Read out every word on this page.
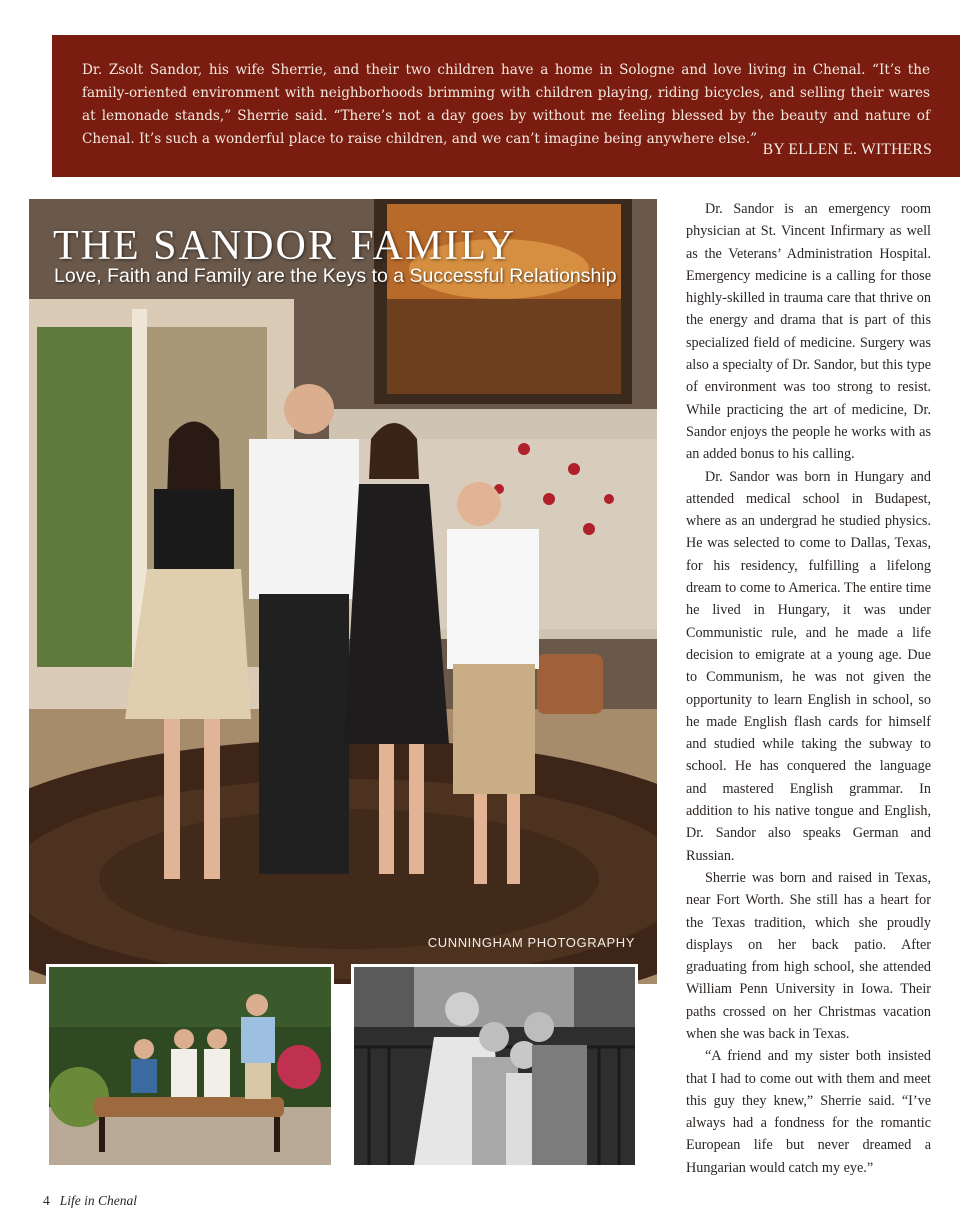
Dr. Zsolt Sandor, his wife Sherrie, and their two children have a home in Sologne and love living in Chenal. “It’s the family-oriented environment with neighborhoods brimming with children playing, riding bicycles, and selling their wares at lemonade stands,” Sherrie said. “There’s not a day goes by without me feeling blessed by the beauty and nature of Chenal. It’s such a wonderful place to raise children, and we can’t imagine being anywhere else.”

BY ELLEN E. WITHERS
THE SANDOR FAMILY
Love, Faith and Family are the Keys to a Successful Relationship
CUNNINGHAM PHOTOGRAPHY

Dr. Sandor is an emergency room physician at St. Vincent Infirmary as well as the Veterans’ Administration Hospital. Emergency medicine is a calling for those highly-skilled in trauma care that thrive on the energy and drama that is part of this specialized field of medicine. Surgery was also a specialty of Dr. Sandor, but this type of environment was too strong to resist. While practicing the art of medicine, Dr. Sandor enjoys the people he works with as an added bonus to his calling.

Dr. Sandor was born in Hungary and attended medical school in Budapest, where as an undergrad he studied physics. He was selected to come to Dallas, Texas, for his residency, fulfilling a lifelong dream to come to America. The entire time he lived in Hungary, it was under Communistic rule, and he made a life decision to emigrate at a young age. Due to Communism, he was not given the opportunity to learn English in school, so he made English flash cards for himself and studied while taking the subway to school. He has conquered the language and mastered English grammar. In addition to his native tongue and English, Dr. Sandor also speaks German and Russian.

Sherrie was born and raised in Texas, near Fort Worth. She still has a heart for the Texas tradition, which she proudly displays on her back patio. After graduating from high school, she attended William Penn University in Iowa. Their paths crossed on her Christmas vacation when she was back in Texas.

“A friend and my sister both insisted that I had to come out with them and meet this guy they knew,” Sherrie said. “I’ve always had a fondness for the romantic European life but never dreamed a Hungarian would catch my eye.”

4 Life in Chenal
